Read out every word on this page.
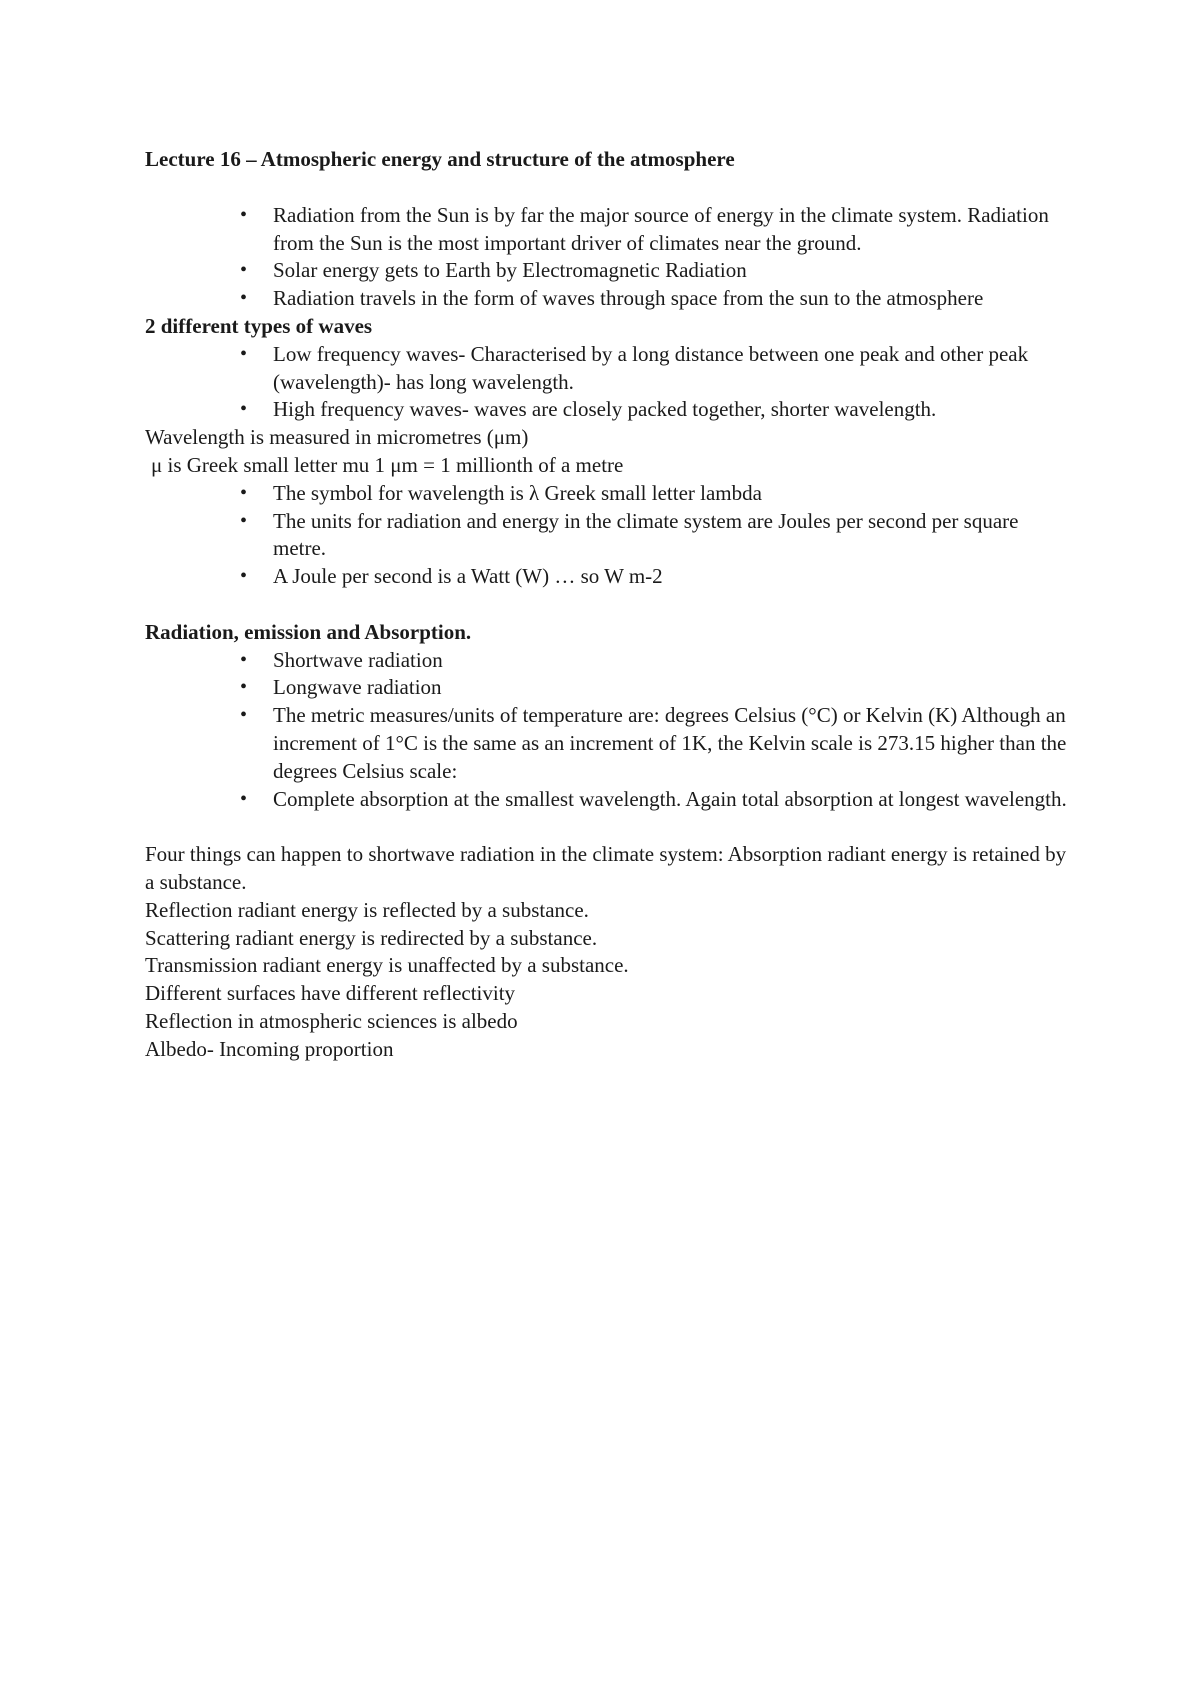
Lecture 16 – Atmospheric energy and structure of the atmosphere
• Radiation from the Sun is by far the major source of energy in the climate system. Radiation from the Sun is the most important driver of climates near the ground.
• Solar energy gets to Earth by Electromagnetic Radiation
• Radiation travels in the form of waves through space from the sun to the atmosphere

2 different types of waves

• Low frequency waves- Characterised by a long distance between one peak and other peak (wavelength)- has long wavelength.
• High frequency waves- waves are closely packed together, shorter wavelength.

Wavelength is measured in micrometres (μm)

μ is Greek small letter mu 1 μm = 1 millionth of a metre

• The symbol for wavelength is λ Greek small letter lambda
• The units for radiation and energy in the climate system are Joules per second per square metre.
• A Joule per second is a Watt (W) … so W m-2

Radiation, emission and Absorption.

• Shortwave radiation
• Longwave radiation
• The metric measures/units of temperature are: degrees Celsius (°C) or Kelvin (K) Although an increment of 1°C is the same as an increment of 1K, the Kelvin scale is 273.15 higher than the degrees Celsius scale:
• Complete absorption at the smallest wavelength. Again total absorption at longest wavelength.

Four things can happen to shortwave radiation in the climate system: Absorption radiant energy is retained by a substance.

Reflection radiant energy is reflected by a substance.

Scattering radiant energy is redirected by a substance.

Transmission radiant energy is unaffected by a substance.

Different surfaces have different reflectivity

Reflection in atmospheric sciences is albedo

Albedo- Incoming proportion
